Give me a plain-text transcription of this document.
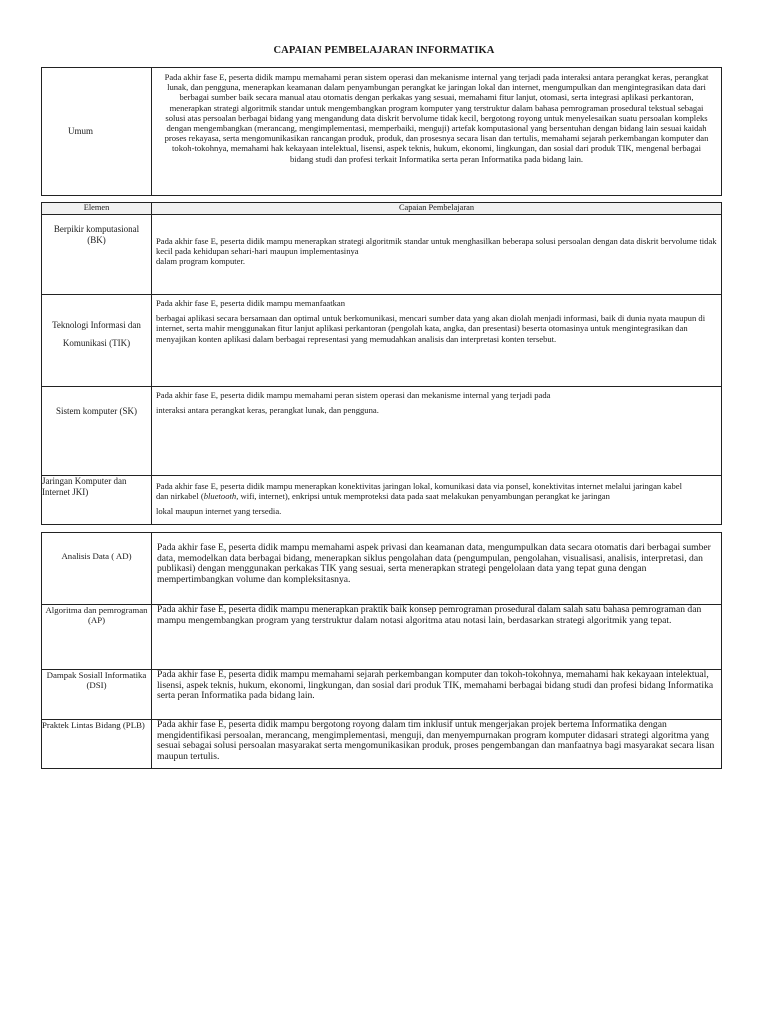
CAPAIAN PEMBELAJARAN INFORMATIKA
Umum	Pada akhir fase E, peserta didik mampu memahami peran sistem operasi dan mekanisme internal yang terjadi pada interaksi antara perangkat keras, perangkat lunak, dan pengguna, menerapkan keamanan dalam penyambungan perangkat ke jaringan lokal dan internet, mengumpulkan dan mengintegrasikan data dari berbagai sumber baik secara manual atau otomatis dengan perkakas yang sesuai, memahami fitur lanjut, otomasi, serta integrasi aplikasi perkantoran, menerapkan strategi algoritmik standar untuk mengembangkan program komputer yang terstruktur dalam bahasa pemrograman prosedural tekstual sebagai solusi atas persoalan berbagai bidang yang mengandung data diskrit bervolume tidak kecil, bergotong royong untuk menyelesaikan suatu persoalan kompleks dengan mengembangkan (merancang, mengimplementasi, memperbaiki, menguji) artefak komputasional yang bersentuhan dengan bidang lain sesuai kaidah proses rekayasa, serta mengomunikasikan rancangan produk, produk, dan prosesnya secara lisan dan tertulis, memahami sejarah perkembangan komputer dan tokoh-tokohnya, memahami hak kekayaan intelektual, lisensi, aspek teknis, hukum, ekonomi, lingkungan, dan sosial dari produk TIK, mengenal berbagai bidang studi dan profesi terkait Informatika serta peran Informatika pada bidang lain.
Elemen	Capaian Pembelajaran
Berpikir komputasional (BK)	Pada akhir fase E, peserta didik mampu menerapkan strategi algoritmik standar untuk menghasilkan beberapa solusi persoalan dengan data diskrit bervolume tidak kecil pada kehidupan sehari-hari maupun implementasinya
dalam program komputer.

Teknologi Informasi dan Komunikasi (TIK)	Pada akhir fase E, peserta didik mampu memanfaatkan
berbagai aplikasi secara bersamaan dan optimal untuk berkomunikasi, mencari sumber data yang akan diolah menjadi informasi, baik di dunia nyata maupun di internet, serta mahir menggunakan fitur lanjut aplikasi perkantoran (pengolah kata, angka, dan presentasi) beserta otomasinya untuk mengintegrasikan dan menyajikan konten aplikasi dalam berbagai representasi yang memudahkan analisis dan interpretasi konten tersebut.

Sistem komputer (SK)	Pada akhir fase E, peserta didik mampu memahami peran sistem operasi dan mekanisme internal yang terjadi pada
interaksi antara perangkat keras, perangkat lunak, dan pengguna.

Jaringan Komputer dan Internet JKI)	Pada akhir fase E, peserta didik mampu menerapkan konektivitas jaringan lokal, komunikasi data via ponsel, konektivitas internet melalui jaringan kabel
dan nirkabel (bluetooth, wifi, internet), enkripsi untuk memproteksi data pada saat melakukan penyambungan perangkat ke jaringan
lokal maupun internet yang tersedia.
Analisis Data ( AD)	Pada akhir fase E, peserta didik mampu memahami aspek privasi dan keamanan data, mengumpulkan data secara otomatis dari berbagai sumber data, memodelkan data berbagai bidang, menerapkan siklus pengolahan data (pengumpulan, pengolahan, visualisasi, analisis, interpretasi, dan publikasi) dengan menggunakan perkakas TIK yang sesuai, serta menerapkan strategi pengelolaan data yang tepat guna dengan mempertimbangkan volume dan kompleksitasnya.
Algoritma dan pemrograman (AP)	Pada akhir fase E, peserta didik mampu menerapkan praktik baik konsep pemrograman prosedural dalam salah satu bahasa pemrograman dan mampu mengembangkan program yang terstruktur dalam notasi algoritma atau notasi lain, berdasarkan strategi algoritmik yang tepat.
Dampak Sosiall Informatika (DSI)	Pada akhir fase E, peserta didik mampu memahami sejarah perkembangan komputer dan tokoh-tokohnya, memahami hak kekayaan intelektual, lisensi, aspek teknis, hukum, ekonomi, lingkungan, dan sosial dari produk TIK, memahami berbagai bidang studi dan profesi bidang Informatika serta peran Informatika pada bidang lain.
Praktek Lintas Bidang (PLB)	Pada akhir fase E, peserta didik mampu bergotong royong dalam tim inklusif untuk mengerjakan projek bertema Informatika dengan mengidentifikasi persoalan, merancang, mengimplementasi, menguji, dan menyempurnakan program komputer didasari strategi algoritma yang sesuai sebagai solusi persoalan masyarakat serta mengomunikasikan produk, proses pengembangan dan manfaatnya bagi masyarakat secara lisan maupun tertulis.
